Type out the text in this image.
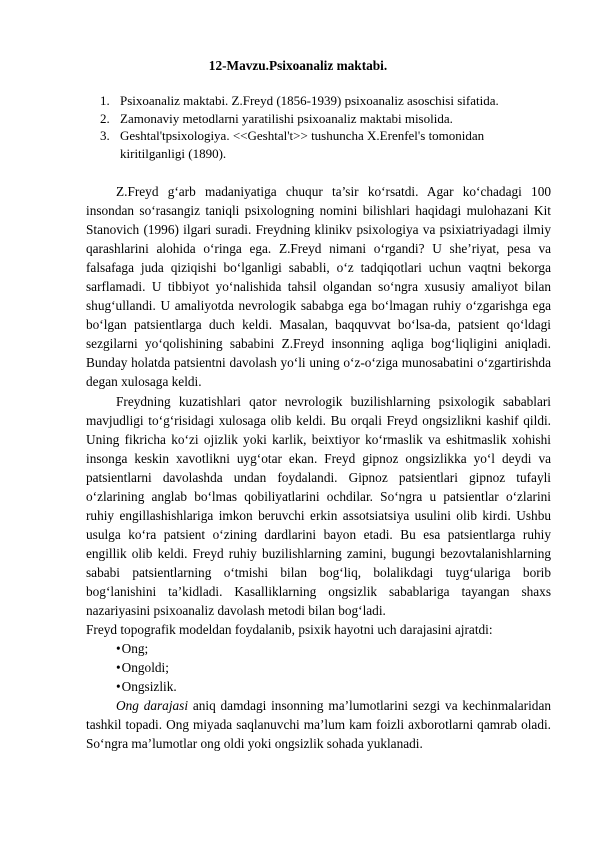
12-Mavzu.Psixoanaliz maktabi.
1. Psixoanaliz maktabi. Z.Freyd (1856-1939) psixoanaliz asoschisi sifatida.
2. Zamonaviy metodlarni yaratilishi psixoanaliz maktabi misolida.
3. Geshtal'tpsixologiya. <<Geshtal't>> tushuncha X.Erenfel's tomonidan
kiritilganligi (1890).

Z.Freyd g‘arb madaniyatiga chuqur ta’sir ko‘rsatdi. Agar ko‘chadagi 100 insondan so‘rasangiz taniqli psixologning nomini bilishlari haqidagi mulohazani Kit Stanovich (1996) ilgari suradi. Freydning klinikv psixologiya va psixiatriyadagi ilmiy qarashlarini alohida o‘ringa ega. Z.Freyd nimani o‘rgandi? U she’riyat, pesa va falsafaga juda qiziqishi bo‘lganligi sababli, o‘z tadqiqotlari uchun vaqtni bekorga sarflamadi. U tibbiyot yo‘nalishida tahsil olgandan so‘ngra xususiy amaliyot bilan shug‘ullandi. U amaliyotda nevrologik sababga ega bo‘lmagan ruhiy o‘zgarishga ega bo‘lgan patsientlarga duch keldi. Masalan, baqquvvat bo‘lsa-da, patsient qo‘ldagi sezgilarni yo‘qolishining sababini Z.Freyd insonning aqliga bog‘liqligini aniqladi. Bunday holatda patsientni davolash yo‘li uning o‘z-o‘ziga munosabatini o‘zgartirishda degan xulosaga keldi.

Freydning kuzatishlari qator nevrologik buzilishlarning psixologik sabablari mavjudligi to‘g‘risidagi xulosaga olib keldi. Bu orqali Freyd ongsizlikni kashif qildi. Uning fikricha ko‘zi ojizlik yoki karlik, beixtiyor ko‘rmaslik va eshitmaslik xohishi insonga keskin xavotlikni uyg‘otar ekan. Freyd gipnoz ongsizlikka yo‘l deydi va patsientlarni davolashda undan foydalandi. Gipnoz patsientlari gipnoz tufayli o‘zlarining anglab bo‘lmas qobiliyatlarini ochdilar. So‘ngra u patsientlar o‘zlarini ruhiy engillashishlariga imkon beruvchi erkin assotsiatsiya usulini olib kirdi. Ushbu usulga ko‘ra patsient o‘zining dardlarini bayon etadi. Bu esa patsientlarga ruhiy engillik olib keldi. Freyd ruhiy buzilishlarning zamini, bugungi bezovtalanishlarning sababi patsientlarning o‘tmishi bilan bog‘liq, bolalikdagi tuyg‘ulariga borib bog‘lanishini ta’kidladi. Kasalliklarning ongsizlik sabablariga tayangan shaxs nazariyasini psixoanaliz davolash metodi bilan bog‘ladi.

Freyd topografik modeldan foydalanib, psixik hayotni uch darajasini ajratdi:

•Ong;
•Ongoldi;
•Ongsizlik.

Ong darajasi aniq damdagi insonning ma’lumotlarini sezgi va kechinmalaridan tashkil topadi. Ong miyada saqlanuvchi ma’lum kam foizli axborotlarni qamrab oladi. So‘ngra ma’lumotlar ong oldi yoki ongsizlik sohada yuklanadi.
